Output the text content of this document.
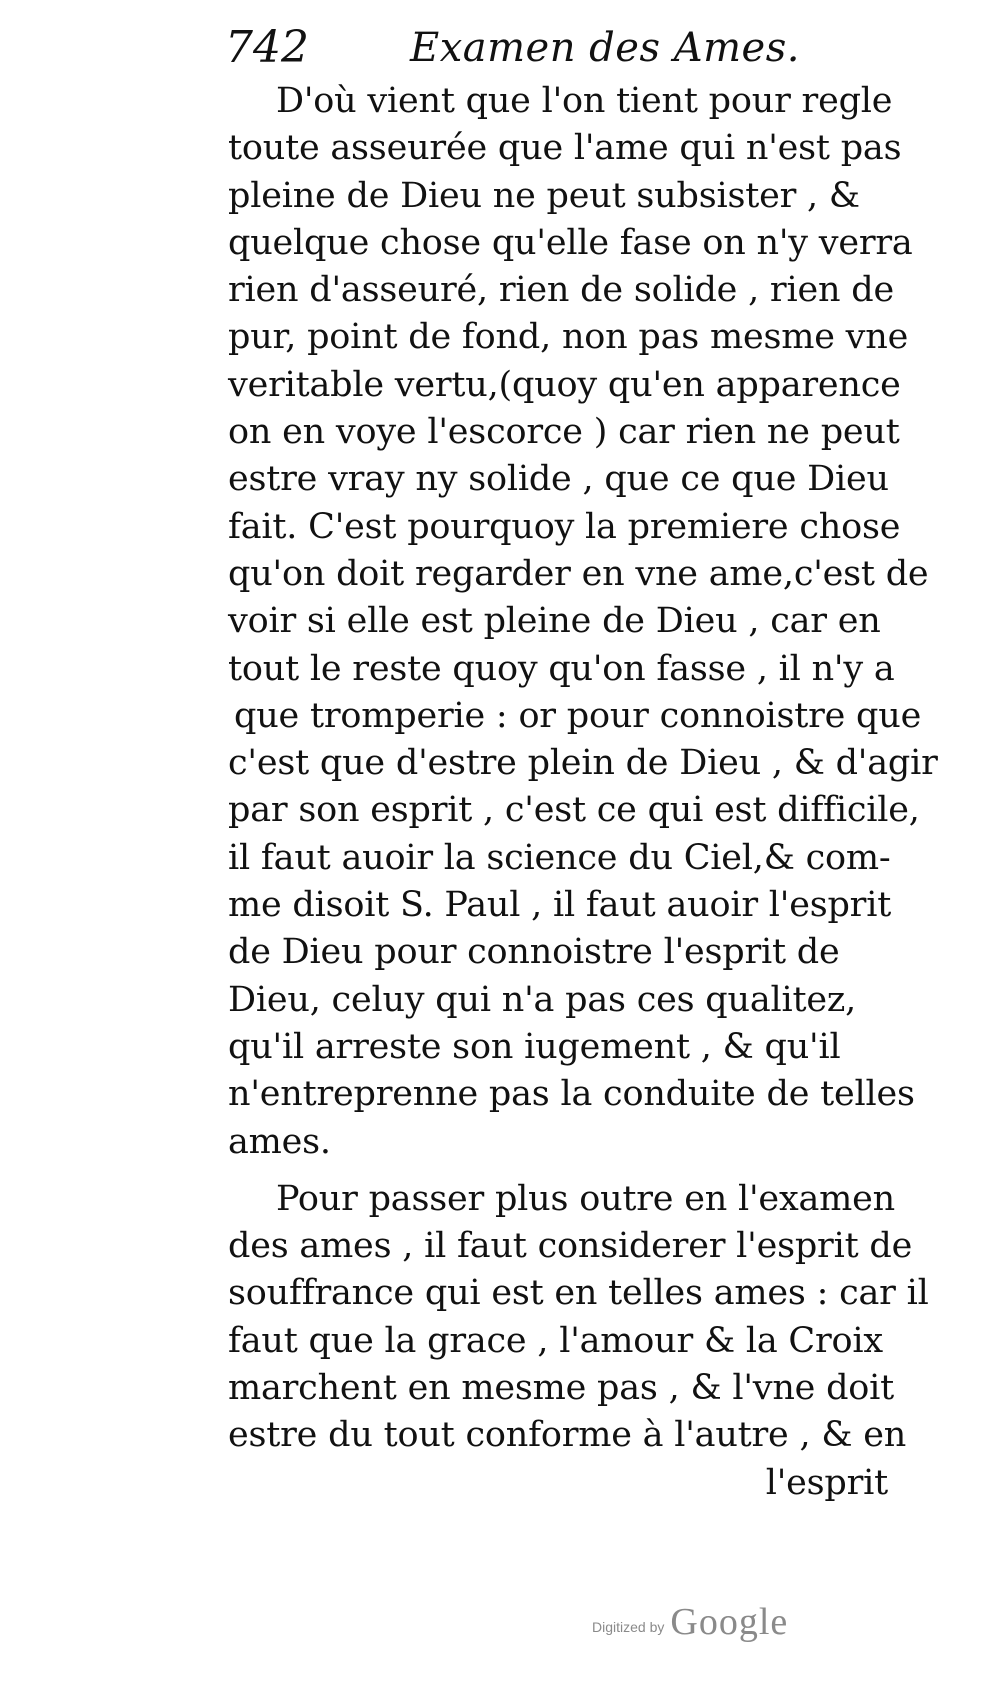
742	Examen des Ames.
D'où vient que l'on tient pour regle
toute asseurée que l'ame qui n'est pas
pleine de Dieu ne peut subsister , &
quelque chose qu'elle fase on n'y verra
rien d'asseuré, rien de solide , rien de
pur, point de fond, non pas mesme vne
veritable vertu,(quoy qu'en apparence
on en voye l'escorce ) car rien ne peut
estre vray ny solide , que ce que Dieu
fait. C'est pourquoy la premiere chose
qu'on doit regarder en vne ame,c'est de
voir si elle est pleine de Dieu , car en
tout le reste quoy qu'on fasse , il n'y a
que tromperie : or pour connoistre que
c'est que d'estre plein de Dieu , & d'agir
par son esprit , c'est ce qui est difficile,
il faut auoir la science du Ciel,& com-
me disoit S. Paul , il faut auoir l'esprit
de Dieu pour connoistre l'esprit de
Dieu, celuy qui n'a pas ces qualitez,
qu'il arreste son iugement , & qu'il
n'entreprenne pas la conduite de telles
ames.
Pour passer plus outre en l'examen
des ames , il faut considerer l'esprit de
souffrance qui est en telles ames : car il
faut que la grace , l'amour & la Croix
marchent en mesme pas , & l'vne doit
estre du tout conforme à l'autre , & en
l'esprit
Digitized by Google
